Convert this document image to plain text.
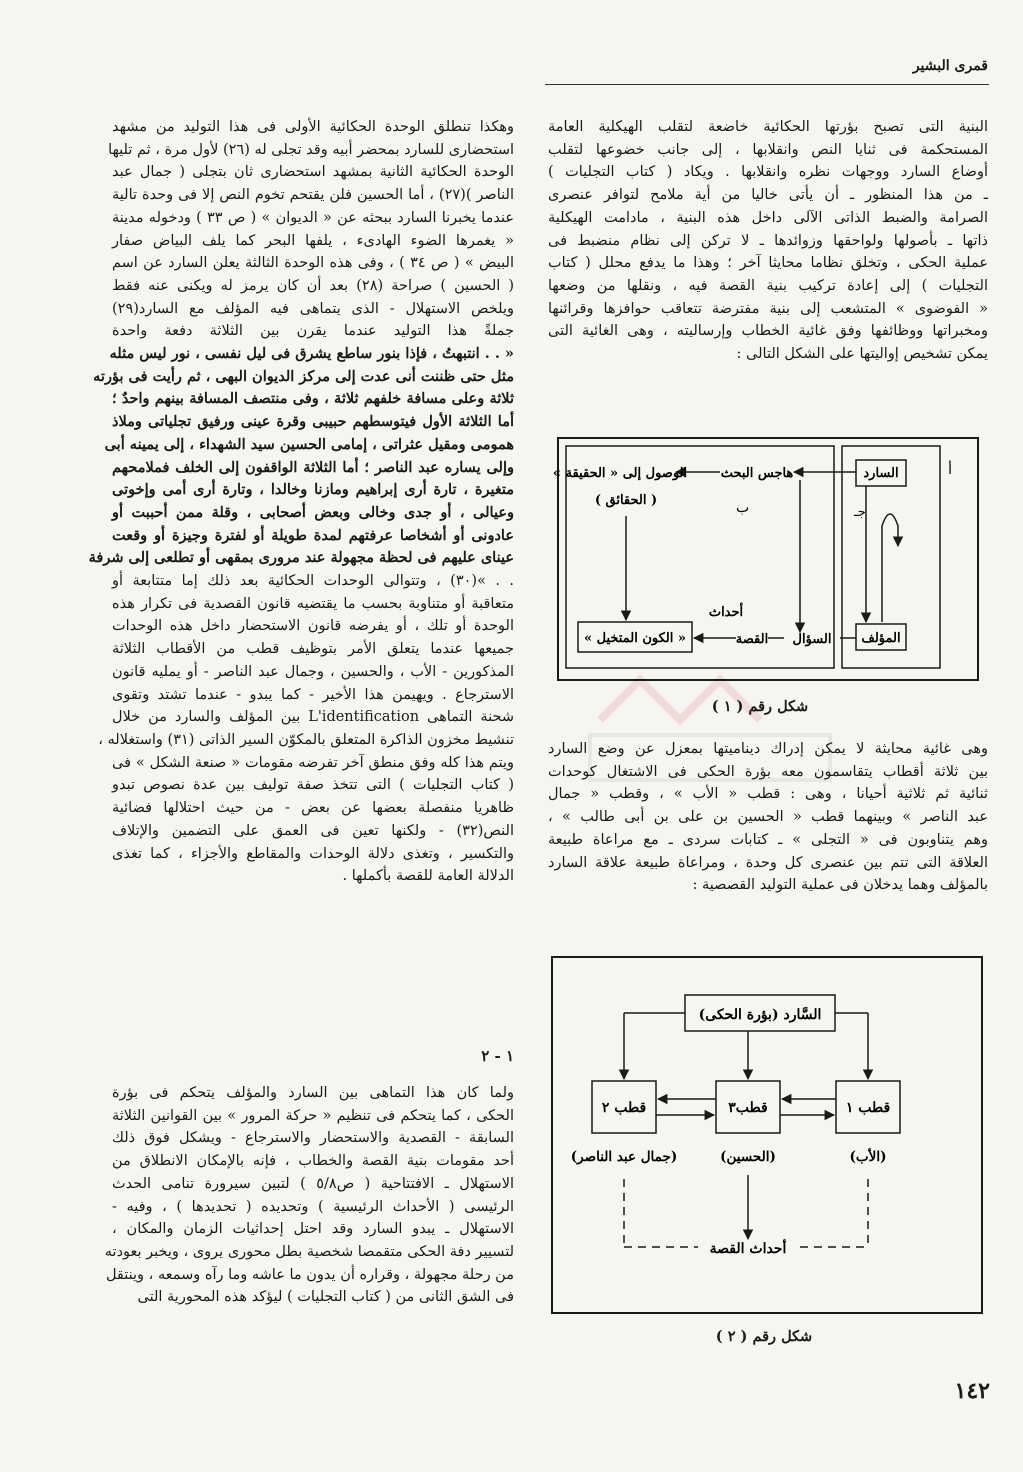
قمرى البشير
البنية التى تصبح بؤرتها الحكائية خاضعة لتقلب الهيكلية العامة
المستحكمة فى ثنايا النص وانقلابها ، إلى جانب خضوعها لتقلب
أوضاع السارد ووجهات نظره وانقلابها . ويكاد ( كتاب التجليات )
ـ من هذا المنظور ـ أن يأتى خاليا من أية ملامح لتوافر عنصرى
الصرامة والضبط الذاتى الآلى داخل هذه البنية ، مادامت الهيكلية
ذاتها ـ بأصولها ولواحقها وزوائدها ـ لا تركن إلى نظام منضبط فى
عملية الحكى ، وتخلق نظاما محايثا آخر ؛ وهذا ما يدفع محلل ( كتاب
التجليات ) إلى إعادة تركيب بنية القصة فيه ، ونقلها من وضعها
« الفوضوى » المتشعب إلى بنية مفترضة تتعاقب حوافزها وقرائنها
ومخبراتها ووظائفها وفق غائية الخطاب وإرساليته ، وهى الغائية التى
يمكن تشخيص إواليتها على الشكل التالى :
أ
ب	جـ
السارد
المؤلف
هاجس البحث
الوصول إلى « الحقيقة »
( الحقائق )
أحداث
القصة السؤال
« الكون المتخيل »
شكل رقم ( ١ )
وهى غائية محايثة لا يمكن إدراك ديناميتها بمعزل عن وضع السارد
بين ثلاثة أقطاب يتقاسمون معه بؤرة الحكى فى الاشتغال كوحدات
ثنائية ثم ثلاثية أحيانا ، وهى : قطب « الأب » ، وقطب « جمال
عبد الناصر » وبينهما قطب « الحسين بن على بن أبى طالب » ،
وهم يتناوبون فى « التجلى » ـ كتابات سردى ـ مع مراعاة طبيعة
العلاقة التى تتم بين عنصرى كل وحدة ، ومراعاة طبيعة علاقة السارد
بالمؤلف وهما يدخلان فى عملية التوليد القصصية :
السَّارد (بؤرة الحكى)
قطب ١
قطب٣
قطب ٢
(الأب)
(الحسين)
(جمال عبد الناصر)
أحداث القصة
شكل رقم ( ٢ )
وهكذا تنطلق الوحدة الحكائية الأولى فى هذا التوليد من مشهد
استحضارى للسارد بمحضر أبيه وقد تجلى له (٢٦) لأول مرة ، ثم تليها
الوحدة الحكائية الثانية بمشهد استحضارى ثان بتجلى ( جمال عبد
الناصر )(٢٧) ، أما الحسين فلن يقتحم تخوم النص إلا فى وحدة تالية
عندما يخبرنا السارد ببحثه عن « الديوان » ( ص ٣٣ ) ودخوله مدينة
« يغمرها الضوء الهادىء ، يلفها البحر كما يلف البياض صفار
البيض » ( ص ٣٤ ) ، وفى هذه الوحدة الثالثة يعلن السارد عن اسم
( الحسين ) صراحة (٢٨) بعد أن كان يرمز له ويكنى عنه فقط
ويلخص الاستهلال - الذى يتماهى فيه المؤلف مع السارد(٢٩)
جملةً هذا التوليد عندما يقرن بين الثلاثة دفعة واحدة
« . . انتبهتُ ، فإذا بنور ساطع يشرق فى ليل نفسى ، نور ليس مثله
مثل حتى ظننت أنى عدت إلى مركز الديوان البهى ، ثم رأيت فى بؤرته
ثلاثة وعلى مسافة خلفهم ثلاثة ، وفى منتصف المسافة بينهم واحدٌ ؛
أما الثلاثة الأول فيتوسطهم حبيبى وقرة عينى ورفيق تجلياتى وملاذ
همومى ومقيل عثراتى ، إمامى الحسين سيد الشهداء ، إلى يمينه أبى
وإلى يساره عبد الناصر ؛ أما الثلاثة الواقفون إلى الخلف فملامحهم
متغيرة ، تارة أرى إبراهيم ومازنا وخالدا ، وتارة أرى أمى وإخوتى
وعيالى ، أو جدى وخالى وبعض أصحابى ، وقلة ممن أحببت أو
عادونى أو أشخاصا عرفتهم لمدة طويلة أو لفترة وجيزة أو وقعت
عيناى عليهم فى لحظة مجهولة عند مرورى بمقهى أو تطلعى إلى شرفة
. . »(٣٠) ، وتتوالى الوحدات الحكائية بعد ذلك إما متتابعة أو
متعاقبة أو متناوبة بحسب ما يقتضيه قانون القصدية فى تكرار هذه
الوحدة أو تلك ، أو يفرضه قانون الاستحضار داخل هذه الوحدات
جميعها عندما يتعلق الأمر بتوظيف قطب من الأقطاب الثلاثة
المذكورين - الأب ، والحسين ، وجمال عبد الناصر - أو يمليه قانون
الاسترجاع . ويهيمن هذا الأخير - كما يبدو - عندما تشتد وتقوى
شحنة التماهى L'identification بين المؤلف والسارد من خلال
تنشيط مخزون الذاكرة المتعلق بالمكوّن السير الذاتى (٣١) واستغلاله ،
ويتم هذا كله وفق منطق آخر تفرضه مقومات « صنعة الشكل » فى
( كتاب التجليات ) التى تتخذ صفة توليف بين عدة نصوص تبدو
ظاهريا منفصلة بعضها عن بعض - من حيث احتلالها فضائية
النص(٣٢) - ولكنها تعين فى العمق على التضمين والإتلاف
والتكسير ، وتغذى دلالة الوحدات والمقاطع والأجزاء ، كما تغذى
الدلالة العامة للقصة بأكملها .
١ - ٢
ولما كان هذا التماهى بين السارد والمؤلف يتحكم فى بؤرة
الحكى ، كما يتحكم فى تنظيم « حركة المرور » بين القوانين الثلاثة
السابقة - القصدية والاستحضار والاسترجاع - ويشكل فوق ذلك
أحد مقومات بنية القصة والخطاب ، فإنه بالإمكان الانطلاق من
الاستهلال ـ الافتتاحية ( ص٥/٨ ) لتبين سيرورة تنامى الحدث
الرئيسى ( الأحداث الرئيسية ) وتحديده ( تحديدها ) ، وفيه -
الاستهلال ـ يبدو السارد وقد احتل إحداثيات الزمان والمكان ،
لتسيير دفة الحكى متقمصا شخصية بطل محورى يروى ، ويخبر بعودته
من رحلة مجهولة ، وقراره أن يدون ما عاشه وما رآه وسمعه ، وينتقل
فى الشق الثانى من ( كتاب التجليات ) ليؤكد هذه المحورية التى
١٤٢
